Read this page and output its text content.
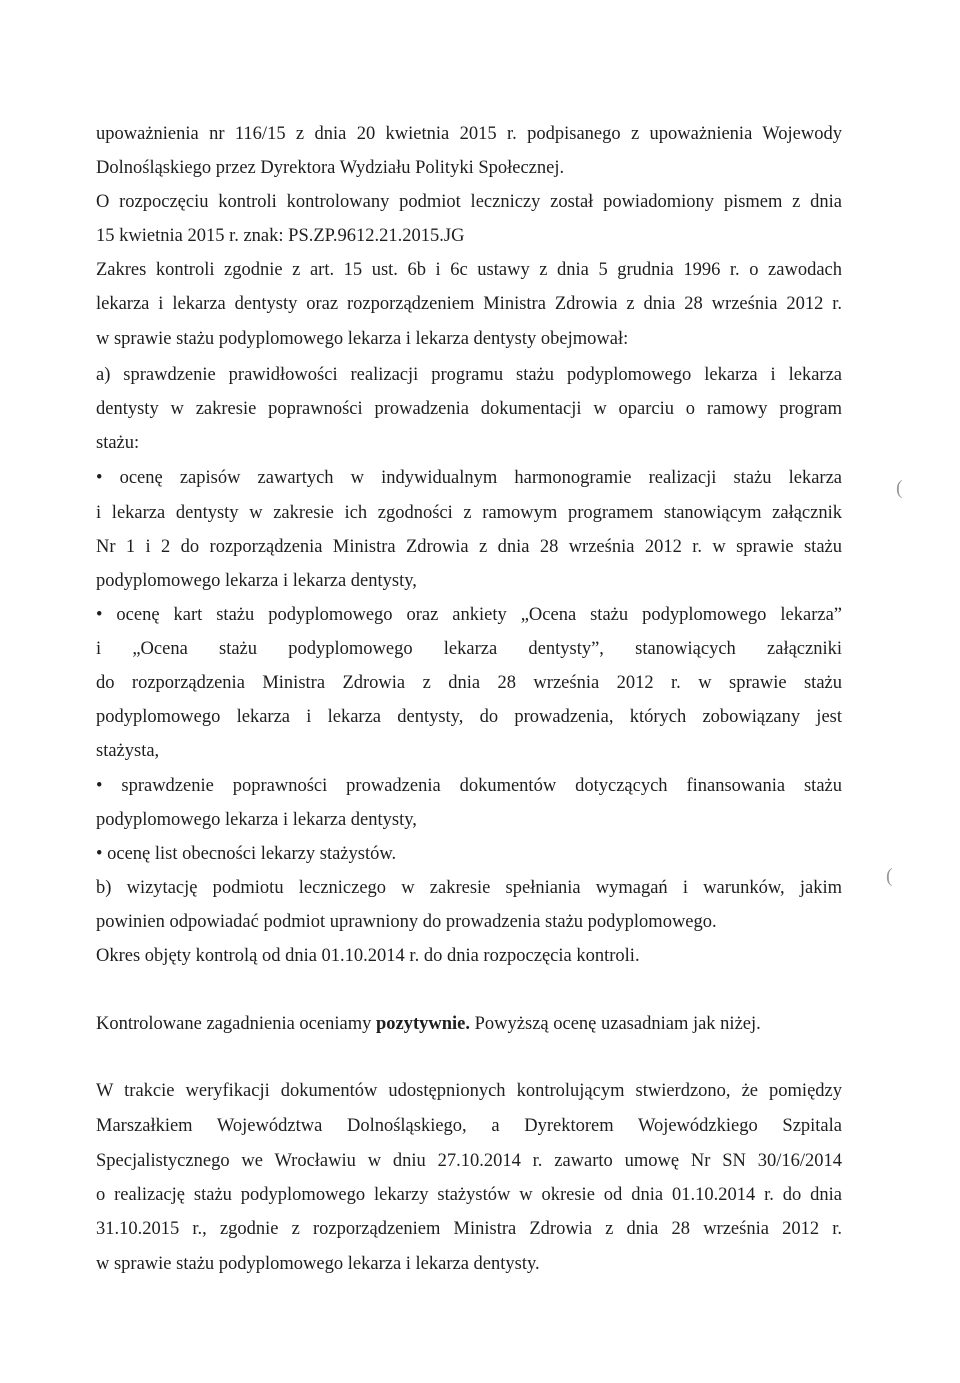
upoważnienia nr 116/15 z dnia 20 kwietnia 2015 r. podpisanego z upoważnienia Wojewody
Dolnośląskiego przez Dyrektora Wydziału Polityki Społecznej.
O rozpoczęciu kontroli kontrolowany podmiot leczniczy został powiadomiony pismem z dnia
15 kwietnia 2015 r. znak: PS.ZP.9612.21.2015.JG
Zakres kontroli zgodnie z art. 15 ust. 6b i 6c ustawy z dnia 5 grudnia 1996 r. o zawodach
lekarza i lekarza dentysty oraz rozporządzeniem Ministra Zdrowia z dnia 28 września 2012 r.
w sprawie stażu podyplomowego lekarza i lekarza dentysty obejmował:
a) sprawdzenie prawidłowości realizacji programu stażu podyplomowego lekarza i lekarza
dentysty w zakresie poprawności prowadzenia dokumentacji w oparciu o ramowy program
stażu:
• ocenę zapisów zawartych w indywidualnym harmonogramie realizacji stażu lekarza
i lekarza dentysty w zakresie ich zgodności z ramowym programem stanowiącym załącznik
Nr 1 i 2 do rozporządzenia Ministra Zdrowia z dnia 28 września 2012 r. w sprawie stażu
podyplomowego lekarza i lekarza dentysty,
• ocenę kart stażu podyplomowego oraz ankiety „Ocena stażu podyplomowego lekarza”
i „Ocena stażu podyplomowego lekarza dentysty”, stanowiących załączniki
do rozporządzenia Ministra Zdrowia z dnia 28 września 2012 r. w sprawie stażu
podyplomowego lekarza i lekarza dentysty, do prowadzenia, których zobowiązany jest
stażysta,
• sprawdzenie poprawności prowadzenia dokumentów dotyczących finansowania stażu
podyplomowego lekarza i lekarza dentysty,
• ocenę list obecności lekarzy stażystów.
b) wizytację podmiotu leczniczego w zakresie spełniania wymagań i warunków, jakim
powinien odpowiadać podmiot uprawniony do prowadzenia stażu podyplomowego.
Okres objęty kontrolą od dnia 01.10.2014 r. do dnia rozpoczęcia kontroli.
Kontrolowane zagadnienia oceniamy pozytywnie. Powyższą ocenę uzasadniam jak niżej.
W trakcie weryfikacji dokumentów udostępnionych kontrolującym stwierdzono, że pomiędzy
Marszałkiem Województwa Dolnośląskiego, a Dyrektorem Wojewódzkiego Szpitala
Specjalistycznego we Wrocławiu w dniu 27.10.2014 r. zawarto umowę Nr SN 30/16/2014
o realizację stażu podyplomowego lekarzy stażystów w okresie od dnia 01.10.2014 r. do dnia
31.10.2015 r., zgodnie z rozporządzeniem Ministra Zdrowia z dnia 28 września 2012 r.
w sprawie stażu podyplomowego lekarza i lekarza dentysty.
(
(
